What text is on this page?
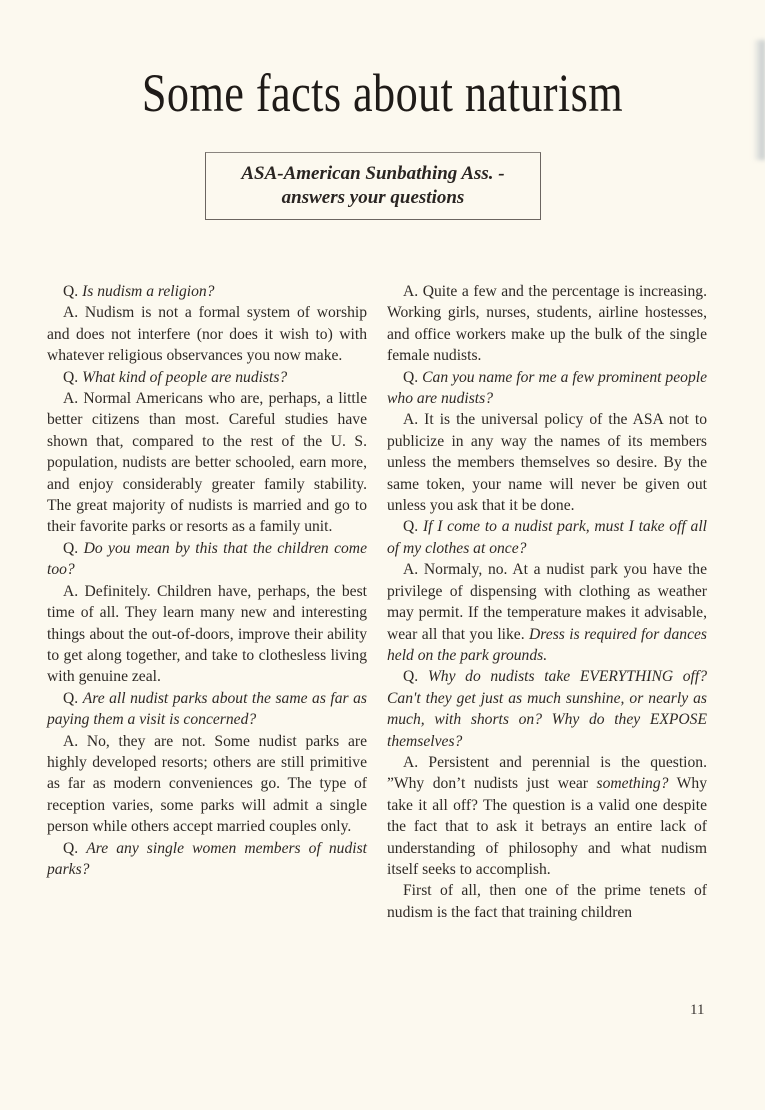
Some facts about naturism
ASA-American Sunbathing Ass. -
answers your questions

Q. Is nudism a religion?

A. Nudism is not a formal system of worship and does not interfere (nor does it wish to) with whatever religious observances you now make.

Q. What kind of people are nudists?

A. Normal Americans who are, perhaps, a little better citizens than most. Careful studies have shown that, compared to the rest of the U. S. population, nudists are better schooled, earn more, and enjoy considerably greater family stability. The great majority of nudists is married and go to their favorite parks or resorts as a family unit.

Q. Do you mean by this that the children come too?

A. Definitely. Children have, perhaps, the best time of all. They learn many new and interesting things about the out-of-doors, improve their ability to get along together, and take to clothesless living with genuine zeal.

Q. Are all nudist parks about the same as far as paying them a visit is concerned?

A. No, they are not. Some nudist parks are highly developed resorts; others are still primitive as far as modern conveniences go. The type of reception varies, some parks will admit a single person while others accept married couples only.

Q. Are any single women members of nudist parks?

A. Quite a few and the percentage is increasing. Working girls, nurses, students, airline hostesses, and office workers make up the bulk of the single female nudists.

Q. Can you name for me a few prominent people who are nudists?

A. It is the universal policy of the ASA not to publicize in any way the names of its members unless the members themselves so desire. By the same token, your name will never be given out unless you ask that it be done.

Q. If I come to a nudist park, must I take off all of my clothes at once?

A. Normaly, no. At a nudist park you have the privilege of dispensing with clothing as weather may permit. If the temperature makes it advisable, wear all that you like. Dress is required for dances held on the park grounds.

Q. Why do nudists take EVERYTHING off? Can't they get just as much sunshine, or nearly as much, with shorts on? Why do they EXPOSE themselves?

A. Persistent and perennial is the question. ”Why don’t nudists just wear something? Why take it all off? The question is a valid one despite the fact that to ask it betrays an entire lack of understanding of philosophy and what nudism itself seeks to accomplish.

First of all, then one of the prime tenets of nudism is the fact that training children

11
